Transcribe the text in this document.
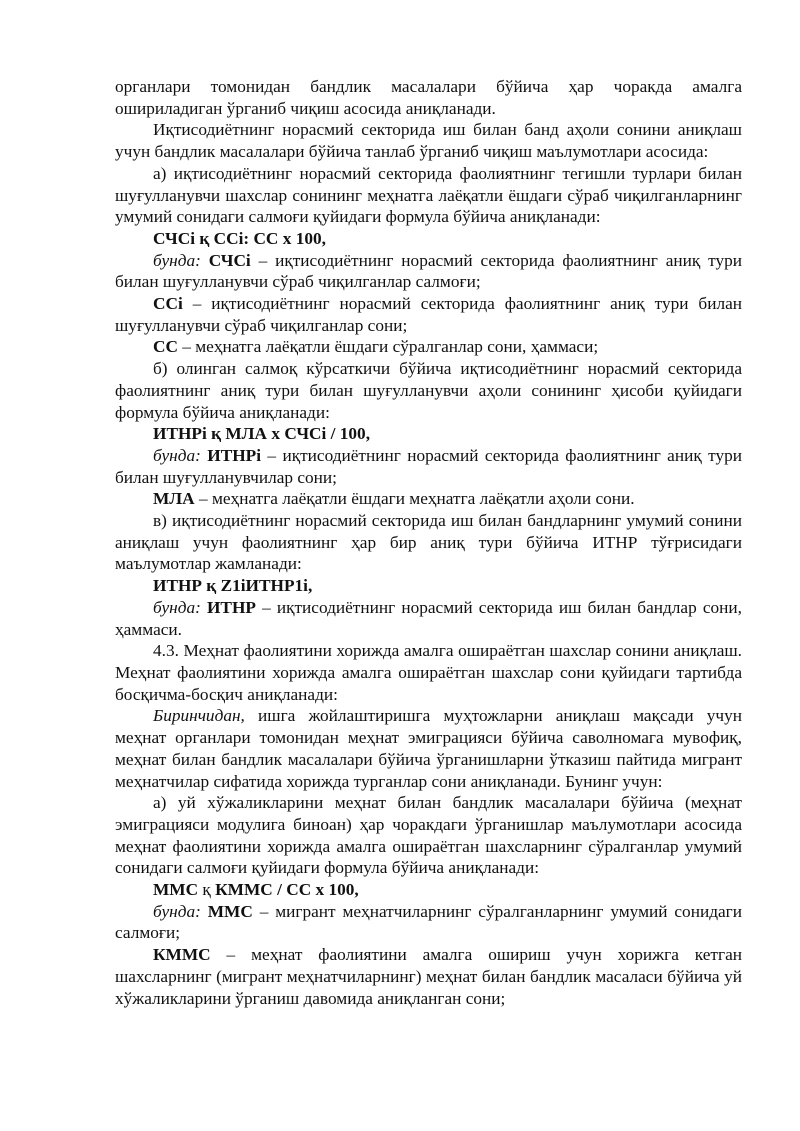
органлари томонидан бандлик масалалари бўйича ҳар чоракда амалга ошириладиган ўрганиб чиқиш асосида аниқланади.

Иқтисодиётнинг норасмий секторида иш билан банд аҳоли сонини аниқлаш учун бандлик масалалари бўйича танлаб ўрганиб чиқиш маълумотлари асосида:

а) иқтисодиётнинг норасмий секторида фаолиятнинг тегишли турлари билан шуғулланувчи шахслар сонининг меҳнатга лаёқатли ёшдаги сўраб чиқилганларнинг умумий сонидаги салмоғи қуйидаги формула бўйича аниқланади:

СЧСi қ ССi: СС х 100,

бунда: СЧСi – иқтисодиётнинг норасмий секторида фаолиятнинг аниқ тури билан шуғулланувчи сўраб чиқилганлар салмоғи;

ССi – иқтисодиётнинг норасмий секторида фаолиятнинг аниқ тури билан шуғулланувчи сўраб чиқилганлар сони;

СС – меҳнатга лаёқатли ёшдаги сўралганлар сони, ҳаммаси;

б) олинган салмоқ кўрсаткичи бўйича иқтисодиётнинг норасмий секторида фаолиятнинг аниқ тури билан шуғулланувчи аҳоли сонининг ҳисоби қуйидаги формула бўйича аниқланади:

ИТНРi қ МЛА х СЧСi / 100,

бунда: ИТНРi – иқтисодиётнинг норасмий секторида фаолиятнинг аниқ тури билан шуғулланувчилар сони;

МЛА – меҳнатга лаёқатли ёшдаги меҳнатга лаёқатли аҳоли сони.

в) иқтисодиётнинг норасмий секторида иш билан бандларнинг умумий сонини аниқлаш учун фаолиятнинг ҳар бир аниқ тури бўйича ИТНР тўғрисидаги маълумотлар жамланади:

ИТНР қ Z1iИТНР1i,

бунда: ИТНР – иқтисодиётнинг норасмий секторида иш билан бандлар сони, ҳаммаси.

4.3. Меҳнат фаолиятини хорижда амалга ошираётган шахслар сонини аниқлаш. Меҳнат фаолиятини хорижда амалга ошираётган шахслар сони қуйидаги тартибда босқичма-босқич аниқланади:

Биринчидан, ишга жойлаштиришга муҳтожларни аниқлаш мақсади учун меҳнат органлари томонидан меҳнат эмиграцияси бўйича саволномага мувофиқ, меҳнат билан бандлик масалалари бўйича ўрганишларни ўтказиш пайтида мигрант меҳнатчилар сифатида хорижда турганлар сони аниқланади. Бунинг учун:

а) уй хўжаликларини меҳнат билан бандлик масалалари бўйича (меҳнат эмиграцияси модулига биноан) ҳар чоракдаги ўрганишлар маълумотлари асосида меҳнат фаолиятини хорижда амалга ошираётган шахсларнинг сўралганлар умумий сонидаги салмоғи қуйидаги формула бўйича аниқланади:

ММС қ КММС / СС х 100,

бунда: ММС – мигрант меҳнатчиларнинг сўралганларнинг умумий сонидаги салмоғи;

КММС – меҳнат фаолиятини амалга ошириш учун хорижга кетган шахсларнинг (мигрант меҳнатчиларнинг) меҳнат билан бандлик масаласи бўйича уй хўжаликларини ўрганиш давомида аниқланган сони;
